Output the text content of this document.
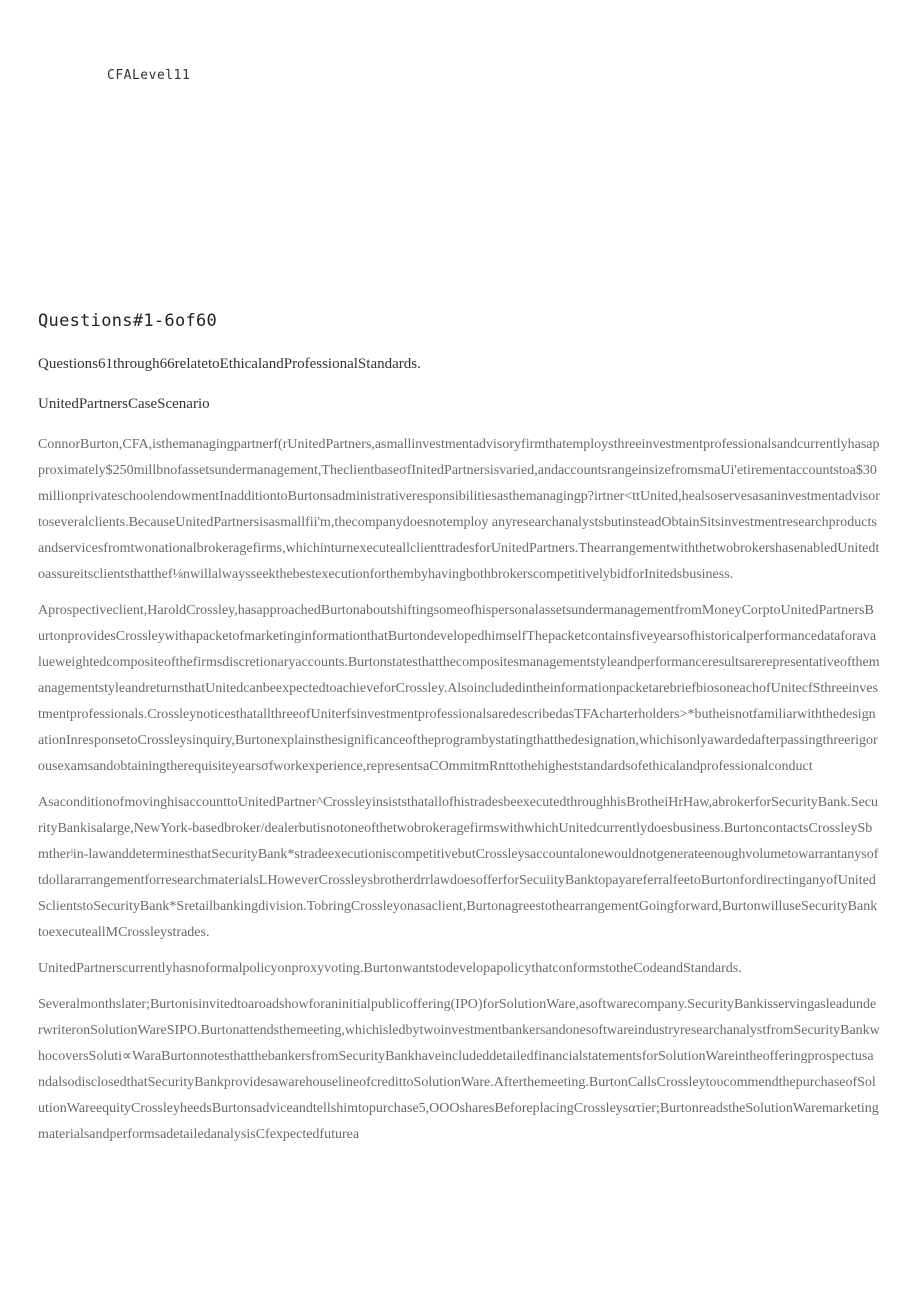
CFALevel11
Questions#1-6of60
Questions61through66relatetoEthicalandProfessionalStandards.
UnitedPartnersCaseScenario

ConnorBurton,CFA,isthemanagingpartnerf(rUnitedPartners,asmallinvestmentadvisoryfirmthatemploysthreeinvestmentprofessionalsandcurrentlyhasapproximately$250millbnofassetsundermanagement,TheclientbaseσfInitedPartnersisvaried,andaccountsrangeinsizefromsmaUi'etirementaccountstoa$30millionprivateschoolendowmentInadditiontoBurtonsadministrativeresponsibilitiesasthemanagingp?irtner<ttUnited,healsoservesasaninvestmentadvisortoseveralclients.BecauseUnitedPartnersisasmallfii'm,thecompanydoesnotemploy anyresearchanalystsbutinsteadObtainSitsinvestmentresearchproductsandservicesfromtwonationalbrokeragefirms,whichinturnexecuteallclienttradesforUnitedPartners.ThearrangementwiththetwobrokershasenabledUnitedtoassureitsclientsthatthef⅛nwillalwaysseekthebestexecutionforthembyhavingbothbrokerscompetitivelybidforInitedsbusiness.

Aprospectiveclient,HaroldCrossley,hasapproachedBurtonaboutshiftingsomeofhispersonalassetsundermanagementfromMoneyCorptoUnitedPartnersBurtonprovidesCrossleywithapacketofmarketinginformationthatBurtondevelopedhimselfThepacketcontainsfiveyearsofhistoricalperformancedataforavalueweightedcompositeofthefirmsdiscretionaryaccounts.BurtonstatesthatthecompositesmanagementstyleandperformanceresultsarerepresentativeofthemanagementstyleandreturnsthatUnitedcanbeexpectedtoachieveforCrossley.AlsoincludedintheinformationpacketarebriefbiosoneachofUnitecfSthreeinvestmentprofessionals.CrossleynoticesthatallthreeofUniterfsinvestmentprofessionalsaredescribedasTFAcharterholders>*butheisnotfamiliarwiththedesignationInresponsetoCrossleysinquiry,Burtonexplainsthesignificanceoftheprogrambystatingthatthedesignation,whichisonlyawardedafterpassingthreerigorousexamsandobtainingtherequisiteyearsσfworkexperience,representsaCOmmitmRnttothehigheststandardsofethicalandprofessionalconduct

AsaconditionofmovinghisaccounttoUnitedPartner^CrossleyinsiststhatallofhistradesbeexecutedthroughhisBrotheiHrHaw,abrokerforSecurityBank.SecurityBankisalarge,NewYork-basedbroker/dealerbutisnotoneofthetwobrokeragefirmswithwhichUnitedcurrentlydoesbusiness.BurtoncontactsCrossleySbmtherʲin-lawanddeterminesthatSecurityBank*stradeexecutioniscompetitivebutCrossleysaccountalonewouldnotgenerateenoughvolumetowarrantanysoftdollararrangementforresearchmaterialsLHoweverCrossleysbrotherdrrlawdoesofferforSecuiityBanktopayareferralfeetoBurtonfordirectinganyofUnitedSclientstoSecurityBank*Sretailbankingdivision.TobringCrossleyonasaclient,BurtonagreestothearrangementGoingforward,BurtonwilluseSecurityBanktoexecuteallMCrossleystrades.

UnitedPartnerscurrentlyhasnoformalpolicyonproxyvoting.BurtonwantstodevelopapolicythatconformstotheCodeandStandards.

Severalmonthslater;Burtonisinvitedtoaroadshowforaninitialpublicoffering(IPO)forSolutionWare,asoftwarecompany.SecurityBankisservingasleadunderwriteronSolutionWareSIPO.Burtonattendsthemeeting,whichisledbytwoinvestmentbankersandonesoftwareindustryresearchanalystfromSecurityBankwhocoversSoluti∝WaraBurtonnotesthatthebankersfromSecurityBankhaveincludeddetailedfinancialstatementsforSolutionWareintheofferingprospectusandalsodisclosedthatSecurityBankprovidesawarehouselineofcredittoSolutionWare.Afterthemeeting.BurtonCallsCrossleytoυcommendthepurchaseofSolutionWareequityCrossleyheedsBurtonsadviceandtellshimtopurchase5,OOOsharesBeforeplacingCrossleysατier;BurtonreadstheSolutionWaremarketingmaterialsandperformsadetailedanalysisCfexpectedfuturea
